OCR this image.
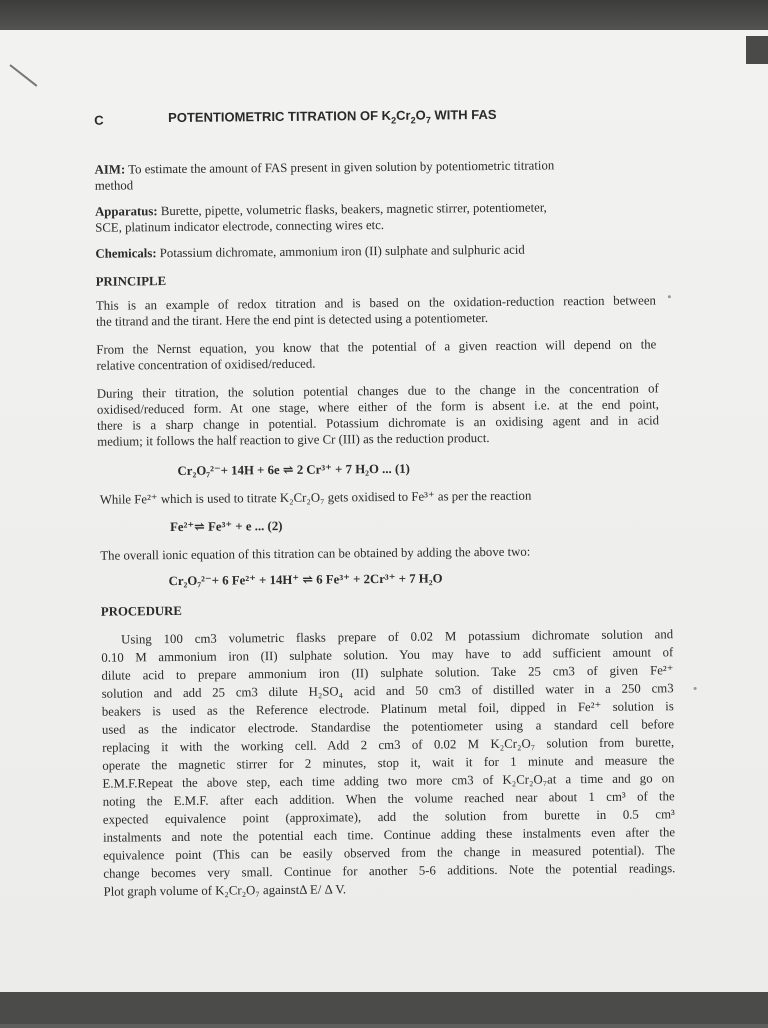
C	POTENTIOMETRIC TITRATION OF $K_2Cr_2O_7$ WITH FAS
AIM: To estimate the amount of FAS present in given solution by potentiometric titration
method
Apparatus: Burette, pipette, volumetric flasks, beakers, magnetic stirrer, potentiometer,
SCE, platinum indicator electrode, connecting wires etc.
Chemicals: Potassium dichromate, ammonium iron (II) sulphate and sulphuric acid
PRINCIPLE
This is an example of redox titration and is based on the oxidation-reduction reaction between
the titrand and the tirant. Here the end pint is detected using a potentiometer.
From the Nernst equation, you know that the potential of a given reaction will depend on the
relative concentration of oxidised/reduced.
During their titration, the solution potential changes due to the change in the concentration of
oxidised/reduced form. At one stage, where either of the form is absent i.e. at the end point,
there is a sharp change in potential. Potassium dichromate is an oxidising agent and in acid
medium; it follows the half reaction to give Cr (III) as the reduction product.
Cr₂O₇²⁻+ 14H + 6e ⇌ 2 Cr³⁺ + 7 H₂O ... (1)
While Fe²⁺ which is used to titrate K₂Cr₂O₇ gets oxidised to Fe³⁺ as per the reaction
Fe²⁺⇌ Fe³⁺ + e ... (2)
The overall ionic equation of this titration can be obtained by adding the above two:
Cr₂O₇²⁻+ 6 Fe²⁺ + 14H⁺ ⇌ 6 Fe³⁺ + 2Cr³⁺ + 7 H₂O
PROCEDURE
Using 100 cm3 volumetric flasks prepare of 0.02 M potassium dichromate solution and
0.10 M ammonium iron (II) sulphate solution. You may have to add sufficient amount of
dilute acid to prepare ammonium iron (II) sulphate solution. Take 25 cm3 of given Fe²⁺
solution and add 25 cm3 dilute H₂SO₄ acid and 50 cm3 of distilled water in a 250 cm3
beakers is used as the Reference electrode. Platinum metal foil, dipped in Fe²⁺ solution is
used as the indicator electrode. Standardise the potentiometer using a standard cell before
replacing it with the working cell. Add 2 cm3 of 0.02 M K₂Cr₂O₇ solution from burette,
operate the magnetic stirrer for 2 minutes, stop it, wait it for 1 minute and measure the
E.M.F.Repeat the above step, each time adding two more cm3 of K₂Cr₂O₇at a time and go on
noting the E.M.F. after each addition. When the volume reached near about 1 cm³ of the
expected equivalence point (approximate), add the solution from burette in 0.5 cm³
instalments and note the potential each time. Continue adding these instalments even after the
equivalence point (This can be easily observed from the change in measured potential). The
change becomes very small. Continue for another 5-6 additions. Note the potential readings.
Plot graph volume of K₂Cr₂O₇ againstΔ E/ Δ V.
